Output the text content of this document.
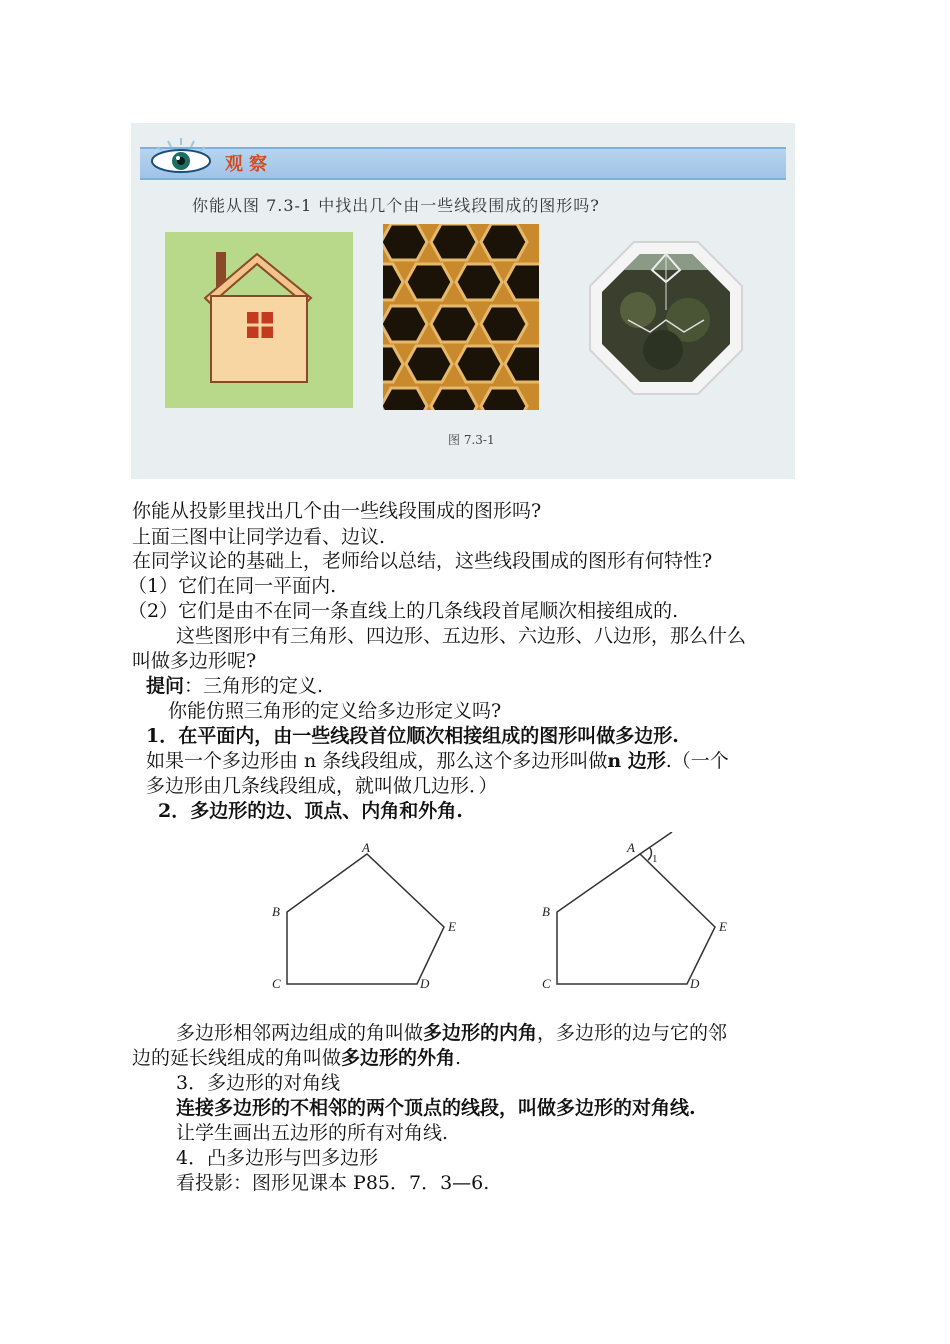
观察
你能从图 7.3-1 中找出几个由一些线段围成的图形吗?
图 7.3-1
你能从投影里找出几个由一些线段围成的图形吗?
上面三图中让同学边看、边议.
在同学议论的基础上，老师给以总结，这些线段围成的图形有何特性?
（1）它们在同一平面内.
（2）它们是由不在同一条直线上的几条线段首尾顺次相接组成的.
这些图形中有三角形、四边形、五边形、六边形、八边形，那么什么
叫做多边形呢?
提问：三角形的定义.
你能仿照三角形的定义给多边形定义吗?
1．在平面内，由一些线段首位顺次相接组成的图形叫做多边形.
如果一个多边形由 n 条线段组成，那么这个多边形叫做n 边形.（一个
多边形由几条线段组成，就叫做几边形．）
2．多边形的边、顶点、内角和外角.
A
B
C	D
E
A
B
C	D
E
1
多边形相邻两边组成的角叫做多边形的内角，多边形的边与它的邻
边的延长线组成的角叫做多边形的外角.
3．多边形的对角线
连接多边形的不相邻的两个顶点的线段，叫做多边形的对角线.
让学生画出五边形的所有对角线.
4．凸多边形与凹多边形
看投影：图形见课本 P85．7．3—6.
